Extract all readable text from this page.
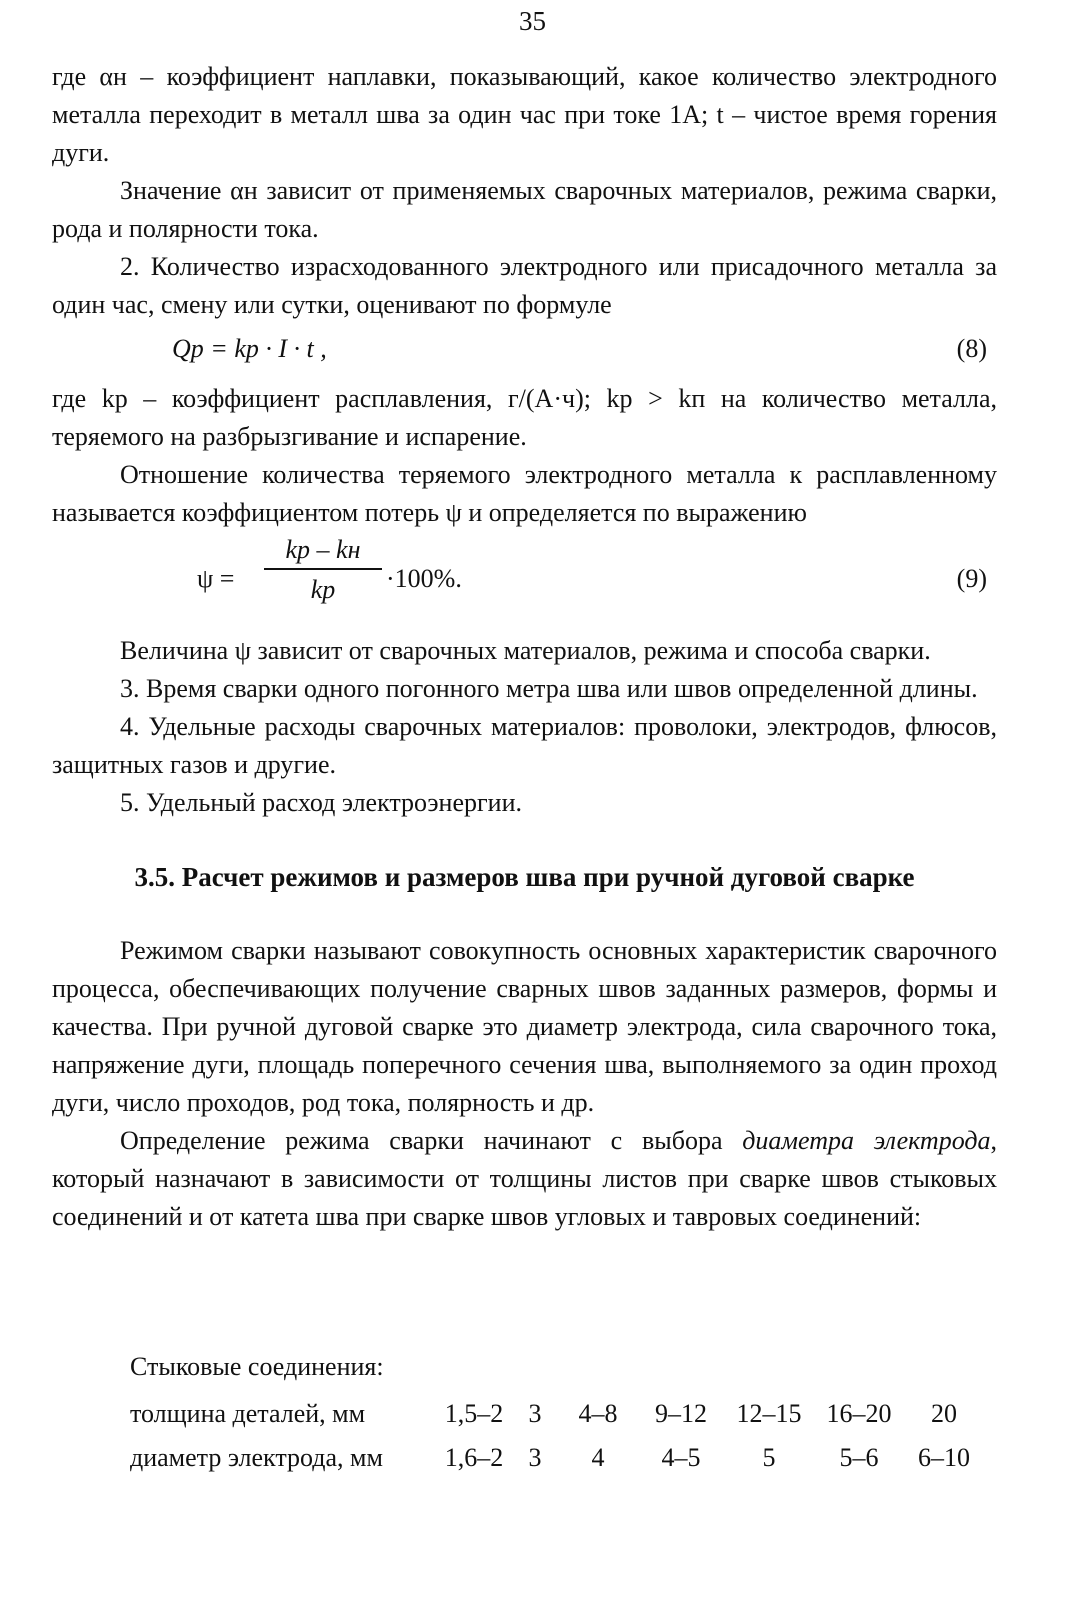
35

где αн – коэффициент наплавки, показывающий, какое количество электродного металла переходит в металл шва за один час при токе 1А; t – чистое время горения дуги.

Значение αн зависит от применяемых сварочных материалов, режима сварки, рода и полярности тока.

2. Количество израсходованного электродного или присадочного металла за один час, смену или сутки, оценивают по формуле

Qр = kр · I · t ,	(8)

где kр – коэффициент расплавления, г/(А·ч); kр > kп на количество металла, теряемого на разбрызгивание и испарение.

Отношение количества теряемого электродного металла к расплавленному называется коэффициентом потерь ψ и определяется по выражению

ψ =
kр – kн
kр	·100%.	(9)

Величина ψ зависит от сварочных материалов, режима и способа сварки.

3. Время сварки одного погонного метра шва или швов определенной длины.

4. Удельные расходы сварочных материалов: проволоки, электродов, флюсов, защитных газов и другие.

5. Удельный расход электроэнергии.

3.5. Расчет режимов и размеров шва при ручной дуговой сварке

Режимом сварки называют совокупность основных характеристик сварочного процесса, обеспечивающих получение сварных швов заданных размеров, формы и качества. При ручной дуговой сварке это диаметр электрода, сила сварочного тока, напряжение дуги, площадь поперечного сечения шва, выполняемого за один проход дуги, число проходов, род тока, полярность и др.

Определение режима сварки начинают с выбора диаметра электрода, который назначают в зависимости от толщины листов при сварке швов стыковых соединений и от катета шва при сварке швов угловых и тавровых соединений:

Стыковые соединения:
толщина деталей, мм	1,5–2 3	4–8	9–12	12–15 16–20	20
диаметр электрода, мм	1,6–2 3	4	4–5	5	5–6	6–10
